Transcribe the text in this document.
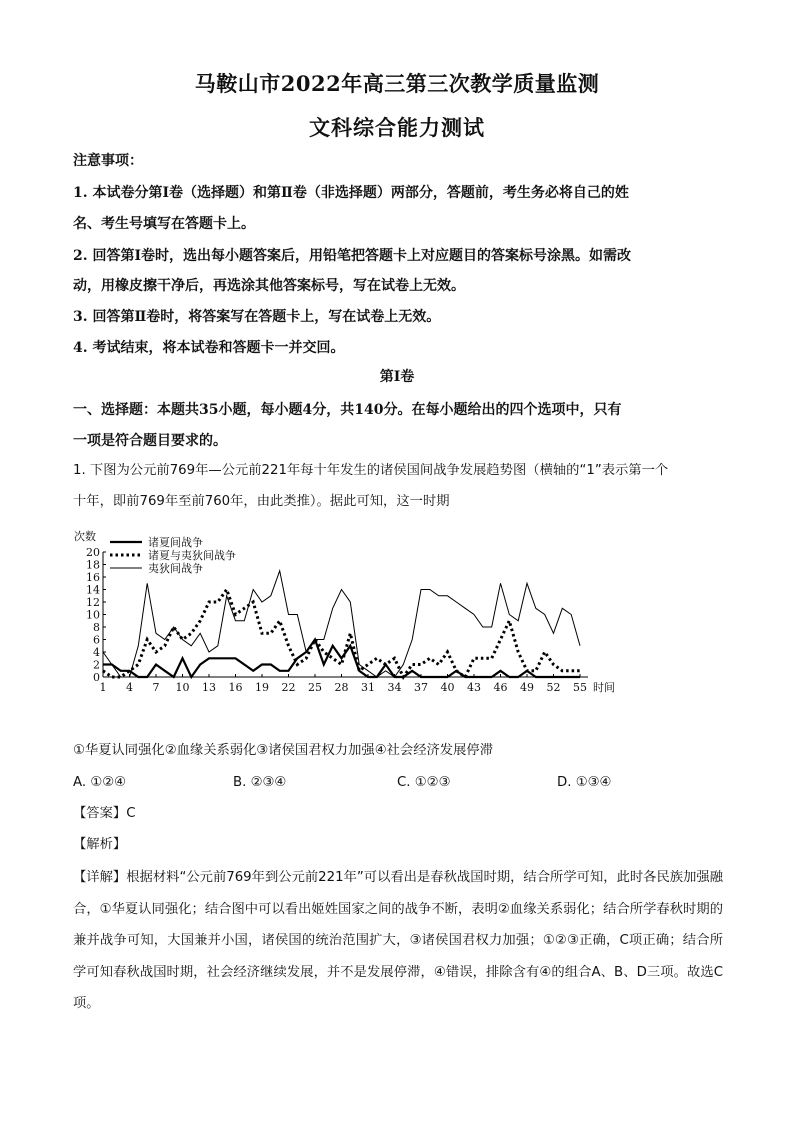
马鞍山市2022年高三第三次教学质量监测
文科综合能力测试
注意事项：
1. 本试卷分第Ⅰ卷（选择题）和第Ⅱ卷（非选择题）两部分，答题前，考生务必将自己的姓
名、考生号填写在答题卡上。
2. 回答第Ⅰ卷时，选出每小题答案后，用铅笔把答题卡上对应题目的答案标号涂黑。如需改
动，用橡皮擦干净后，再选涂其他答案标号，写在试卷上无效。
3. 回答第Ⅱ卷时，将答案写在答题卡上，写在试卷上无效。
4. 考试结束，将本试卷和答题卡一并交回。
第Ⅰ卷
一、选择题：本题共35小题，每小题4分，共140分。在每小题给出的四个选项中，只有
一项是符合题目要求的。
1. 下图为公元前769年—公元前221年每十年发生的诸侯国间战争发展趋势图（横轴的“1”表示第一个
十年，即前769年至前760年，由此类推）。据此可知，这一时期
0
2
4
6
8
10
12
14
16
18
20
1 4 7 10 13 16 19 22 25 28 31 34 37 40 43 46 49 52 55
次数
时间
诸夏间战争
诸夏与夷狄间战争
夷狄间战争
①华夏认同强化②血缘关系弱化③诸侯国君权力加强④社会经济发展停滞
A. ①②④	B. ②③④	C. ①②③	D. ①③④
【答案】C
【解析】
【详解】根据材料“公元前769年到公元前221年”可以看出是春秋战国时期，结合所学可知，此时各民族加强融合，①华夏认同强化；结合图中可以看出姬姓国家之间的战争不断，表明②血缘关系弱化；结合所学春秋时期的兼并战争可知，大国兼并小国，诸侯国的统治范围扩大，③诸侯国君权力加强；①②③正确，C项正确；结合所学可知春秋战国时期，社会经济继续发展，并不是发展停滞，④错误，排除含有④的组合A、B、D三项。故选C项。
